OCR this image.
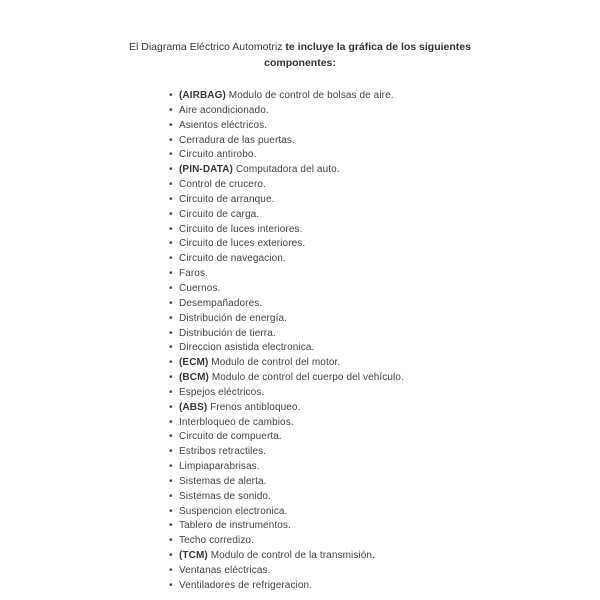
El Diagrama Eléctrico Automotriz te incluye la gráfica de los siguientes componentes:
• (AIRBAG) Modulo de control de bolsas de aire.
• Aire acondicionado.
• Asientos eléctricos.
• Cerradura de las puertas.
• Circuito antirobo.
• (PIN-DATA) Computadora del auto.
• Control de crucero.
• Circuito de arranque.
• Circuito de carga.
• Circuito de luces interiores.
• Circuito de luces exteriores.
• Circuito de navegacion.
• Faros.
• Cuernos.
• Desempañadores.
• Distribución de energía.
• Distribución de tierra.
• Direccion asistida electronica.
• (ECM) Modulo de control del motor.
• (BCM) Modulo de control del cuerpo del vehículo.
• Espejos eléctricos.
• (ABS) Frenos antibloqueo.
• Interbloqueo de cambios.
• Circuito de compuerta.
• Estribos retractiles.
• Limpiaparabrisas.
• Sistemas de alerta.
• Sistemas de sonido.
• Suspencion electronica.
• Tablero de instrumentos.
• Techo corredizo.
• (TCM) Modulo de control de la transmisión.
• Ventanas eléctricas.
• Ventiladores de refrigeracion.
